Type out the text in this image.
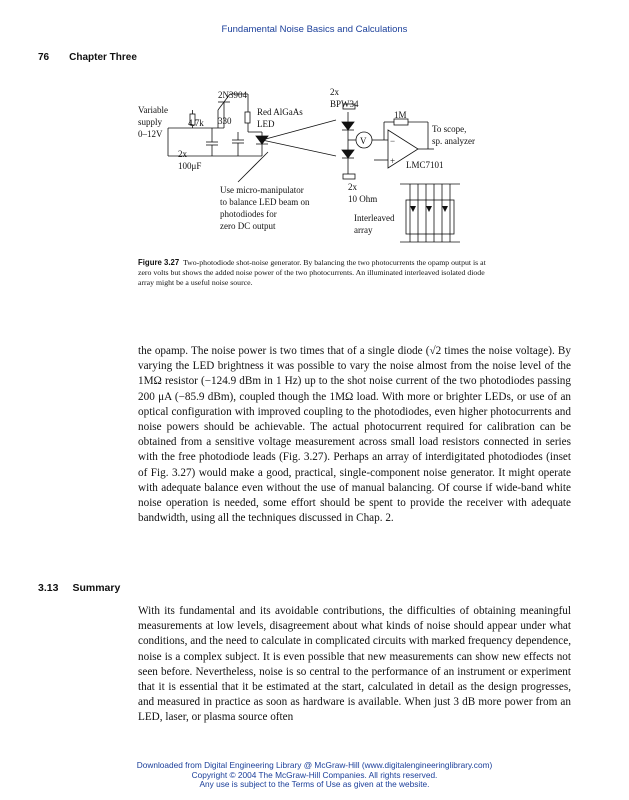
Fundamental Noise Basics and Calculations
76 Chapter Three
2N3904
Variable
supply
0–12V
4.7k 330
Red AlGaAs
LED
2x
100μF
2x
BPW34
V
1M
To scope,
sp. analyzer
−
+ LMC7101
Use micro-manipulator
to balance LED beam on
photodiodes for
zero DC output
2x
10 Ohm
Interleaved
array
Figure 3.27 Two-photodiode shot-noise generator. By balancing the two photocurrents the opamp output is at zero volts but shows the added noise power of the two photocurrents. An illuminated interleaved isolated diode array might be a useful noise source.

the opamp. The noise power is two times that of a single diode (√2 times the noise voltage). By varying the LED brightness it was possible to vary the noise almost from the noise level of the 1MΩ resistor (−124.9 dBm in 1 Hz) up to the shot noise current of the two photodiodes passing 200 μA (−85.9 dBm), coupled though the 1MΩ load. With more or brighter LEDs, or use of an optical configuration with improved coupling to the photodiodes, even higher photocurrents and noise powers should be achievable. The actual photocurrent required for calibration can be obtained from a sensitive voltage measurement across small load resistors connected in series with the free photodiode leads (Fig. 3.27). Perhaps an array of interdigitated photodiodes (inset of Fig. 3.27) would make a good, practical, single-component noise generator. It might operate with adequate balance even without the use of manual balancing. Of course if wide-band white noise operation is needed, some effort should be spent to provide the receiver with adequate bandwidth, using all the techniques discussed in Chap. 2.

3.13 Summary

With its fundamental and its avoidable contributions, the difficulties of obtaining meaningful measurements at low levels, disagreement about what kinds of noise should appear under what conditions, and the need to calculate in complicated circuits with marked frequency dependence, noise is a complex subject. It is even possible that new measurements can show new effects not seen before. Nevertheless, noise is so central to the performance of an instrument or experiment that it is essential that it be estimated at the start, calculated in detail as the design progresses, and measured in practice as soon as hardware is available. When just 3 dB more power from an LED, laser, or plasma source often

Downloaded from Digital Engineering Library @ McGraw-Hill (www.digitalengineeringlibrary.com)
Copyright © 2004 The McGraw-Hill Companies. All rights reserved.
Any use is subject to the Terms of Use as given at the website.
